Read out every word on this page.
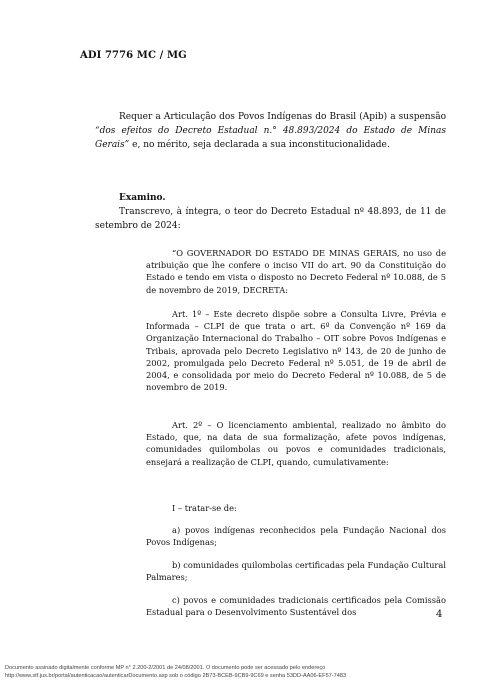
ADI 7776 MC / MG

Requer a Articulação dos Povos Indígenas do Brasil (Apib) a suspensão “dos efeitos do Decreto Estadual n.° 48.893/2024 do Estado de Minas Gerais” e, no mérito, seja declarada a sua inconstitucionalidade.

Examino.
Transcrevo, à íntegra, o teor do Decreto Estadual nº 48.893, de 11 de setembro de 2024:

“O GOVERNADOR DO ESTADO DE MINAS GERAIS, no uso de atribuição que lhe confere o inciso VII do art. 90 da Constituição do Estado e tendo em vista o disposto no Decreto Federal nº 10.088, de 5 de novembro de 2019, DECRETA:

Art. 1º – Este decreto dispõe sobre a Consulta Livre, Prévia e Informada – CLPI de que trata o art. 6º da Convenção nº 169 da Organização Internacional do Trabalho – OIT sobre Povos Indígenas e Tribais, aprovada pelo Decreto Legislativo nº 143, de 20 de junho de 2002, promulgada pelo Decreto Federal nº 5.051, de 19 de abril de 2004, e consolidada por meio do Decreto Federal nº 10.088, de 5 de novembro de 2019.

Art. 2º – O licenciamento ambiental, realizado no âmbito do Estado, que, na data de sua formalização, afete povos indígenas, comunidades quilombolas ou povos e comunidades tradicionais, ensejará a realização de CLPI, quando, cumulativamente:

I – tratar-se de:

a) povos indígenas reconhecidos pela Fundação Nacional dos Povos Indígenas;

b) comunidades quilombolas certificadas pela Fundação Cultural Palmares;

c) povos e comunidades tradicionais certificados pela Comissão Estadual para o Desenvolvimento Sustentável dos	4
Documento assinado digitalmente conforme MP n° 2.200-2/2001 de 24/08/2001. O documento pode ser acessado pelo endereço
http://www.stf.jus.br/portal/autenticacao/autenticarDocumento.asp sob o código 2B73-BCEB-9CB9-9C69 e senha 53DD-AA06-EF57-7483
